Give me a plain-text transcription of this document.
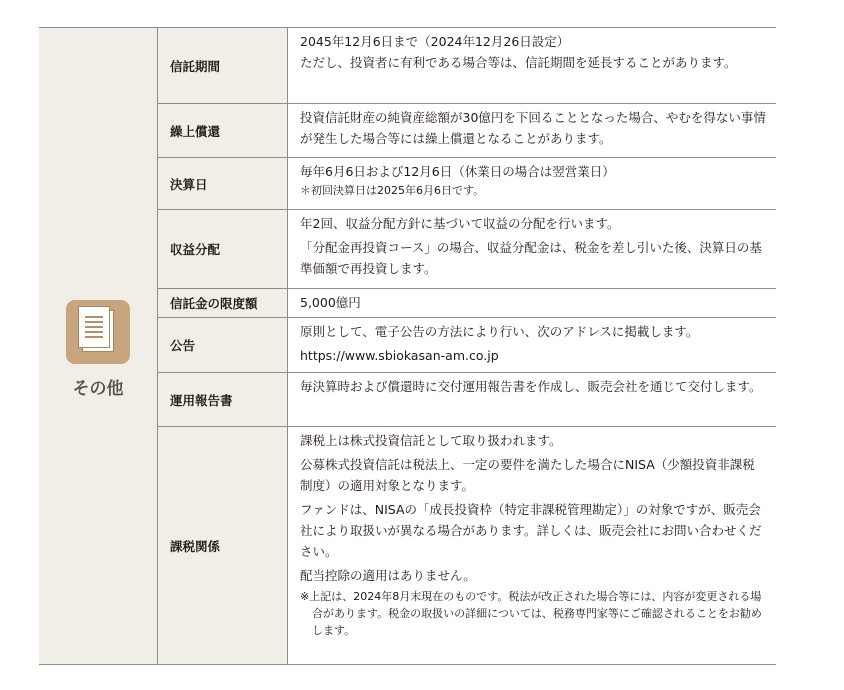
その他
信託期間

2045年12月6日まで（2024年12月26日設定）

ただし、投資者に有利である場合等は、信託期間を延長することがあります。

繰上償還

投資信託財産の純資産総額が30億円を下回ることとなった場合、やむを得ない事情が発生した場合等には繰上償還となることがあります。

決算日

毎年6月6日および12月6日（休業日の場合は翌営業日）

＊初回決算日は2025年6月6日です。

収益分配

年2回、収益分配方針に基づいて収益の分配を行います。

「分配金再投資コース」の場合、収益分配金は、税金を差し引いた後、決算日の基準価額で再投資します。

信託金の限度額	5,000億円

公告

原則として、電子公告の方法により行い、次のアドレスに掲載します。

https://www.sbiokasan-am.co.jp

運用報告書

毎決算時および償還時に交付運用報告書を作成し、販売会社を通じて交付します。

課税関係

課税上は株式投資信託として取り扱われます。

公募株式投資信託は税法上、一定の要件を満たした場合にNISA（少額投資非課税制度）の適用対象となります。

ファンドは、NISAの「成長投資枠（特定非課税管理勘定）」の対象ですが、販売会社により取扱いが異なる場合があります。詳しくは、販売会社にお問い合わせください。

配当控除の適用はありません。

※上記は、2024年8月末現在のものです。税法が改正された場合等には、内容が変更される場合があります。税金の取扱いの詳細については、税務専門家等にご確認されることをお勧めします。
